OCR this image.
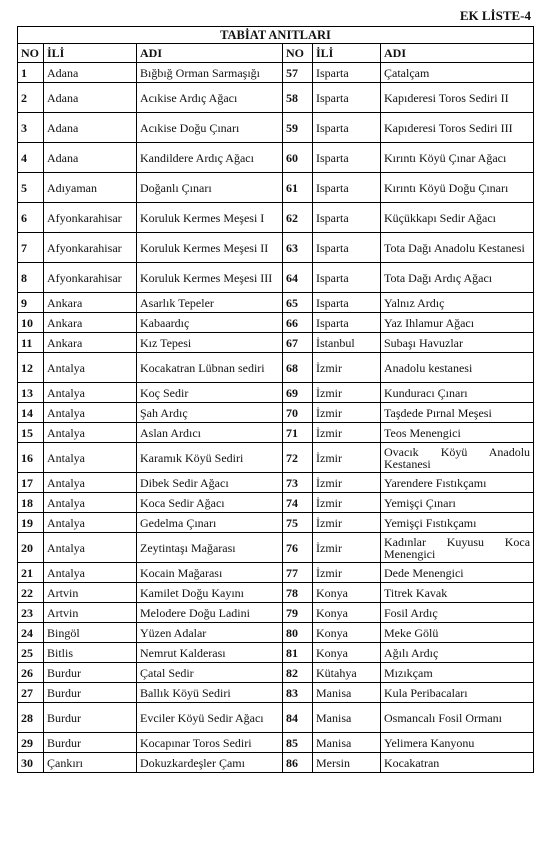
EK LİSTE-4
TABİAT ANITLARI					
NO	İLİ	ADI	NO	İLİ	ADI
1	Adana	Bığbığ Orman Sarmaşığı	57	Isparta	Çatalçam
2	Adana	Acıkise Ardıç Ağacı	58	Isparta	Kapıderesi Toros Sediri II
3	Adana	Acıkise Doğu Çınarı	59	Isparta	Kapıderesi Toros Sediri III
4	Adana	Kandildere Ardıç Ağacı	60	Isparta	Kırıntı Köyü Çınar Ağacı
5	Adıyaman	Doğanlı Çınarı	61	Isparta	Kırıntı Köyü Doğu Çınarı
6	Afyonkarahisar	Koruluk Kermes Meşesi I	62	Isparta	Küçükkapı Sedir Ağacı
7	Afyonkarahisar	Koruluk Kermes Meşesi II	63	Isparta	Tota Dağı Anadolu Kestanesi
8	Afyonkarahisar	Koruluk Kermes Meşesi III	64	Isparta	Tota Dağı Ardıç Ağacı
9	Ankara	Asarlık Tepeler	65	Isparta	Yalnız Ardıç
10	Ankara	Kabaardıç	66	Isparta	Yaz Ihlamur Ağacı
11	Ankara	Kız Tepesi	67	İstanbul	Subaşı Havuzlar
12	Antalya	Kocakatran Lübnan sediri	68	İzmir	Anadolu kestanesi
13	Antalya	Koç Sedir	69	İzmir	Kunduracı Çınarı
14	Antalya	Şah Ardıç	70	İzmir	Taşdede Pırnal Meşesi
15	Antalya	Aslan Ardıcı	71	İzmir	Teos Menengici
16	Antalya	Karamık Köyü Sediri	72	İzmir	Ovacık Köyü Anadolu Kestanesi
17	Antalya	Dibek Sedir Ağacı	73	İzmir	Yarendere Fıstıkçamı
18	Antalya	Koca Sedir Ağacı	74	İzmir	Yemişçi Çınarı
19	Antalya	Gedelma Çınarı	75	İzmir	Yemişçi Fıstıkçamı
20	Antalya	Zeytintaşı Mağarası	76	İzmir	Kadınlar Kuyusu Koca Menengici
21	Antalya	Kocain Mağarası	77	İzmir	Dede Menengici
22	Artvin	Kamilet Doğu Kayını	78	Konya	Titrek Kavak
23	Artvin	Melodere Doğu Ladini	79	Konya	Fosil Ardıç
24	Bingöl	Yüzen Adalar	80	Konya	Meke Gölü
25	Bitlis	Nemrut Kalderası	81	Konya	Ağılı Ardıç
26	Burdur	Çatal Sedir	82	Kütahya	Mızıkçam
27	Burdur	Ballık Köyü Sediri	83	Manisa	Kula Peribacaları
28	Burdur	Evciler Köyü Sedir Ağacı	84	Manisa	Osmancalı Fosil Ormanı
29	Burdur	Kocapınar Toros Sediri	85	Manisa	Yelimera Kanyonu
30	Çankırı	Dokuzkardeşler Çamı	86	Mersin	Kocakatran
